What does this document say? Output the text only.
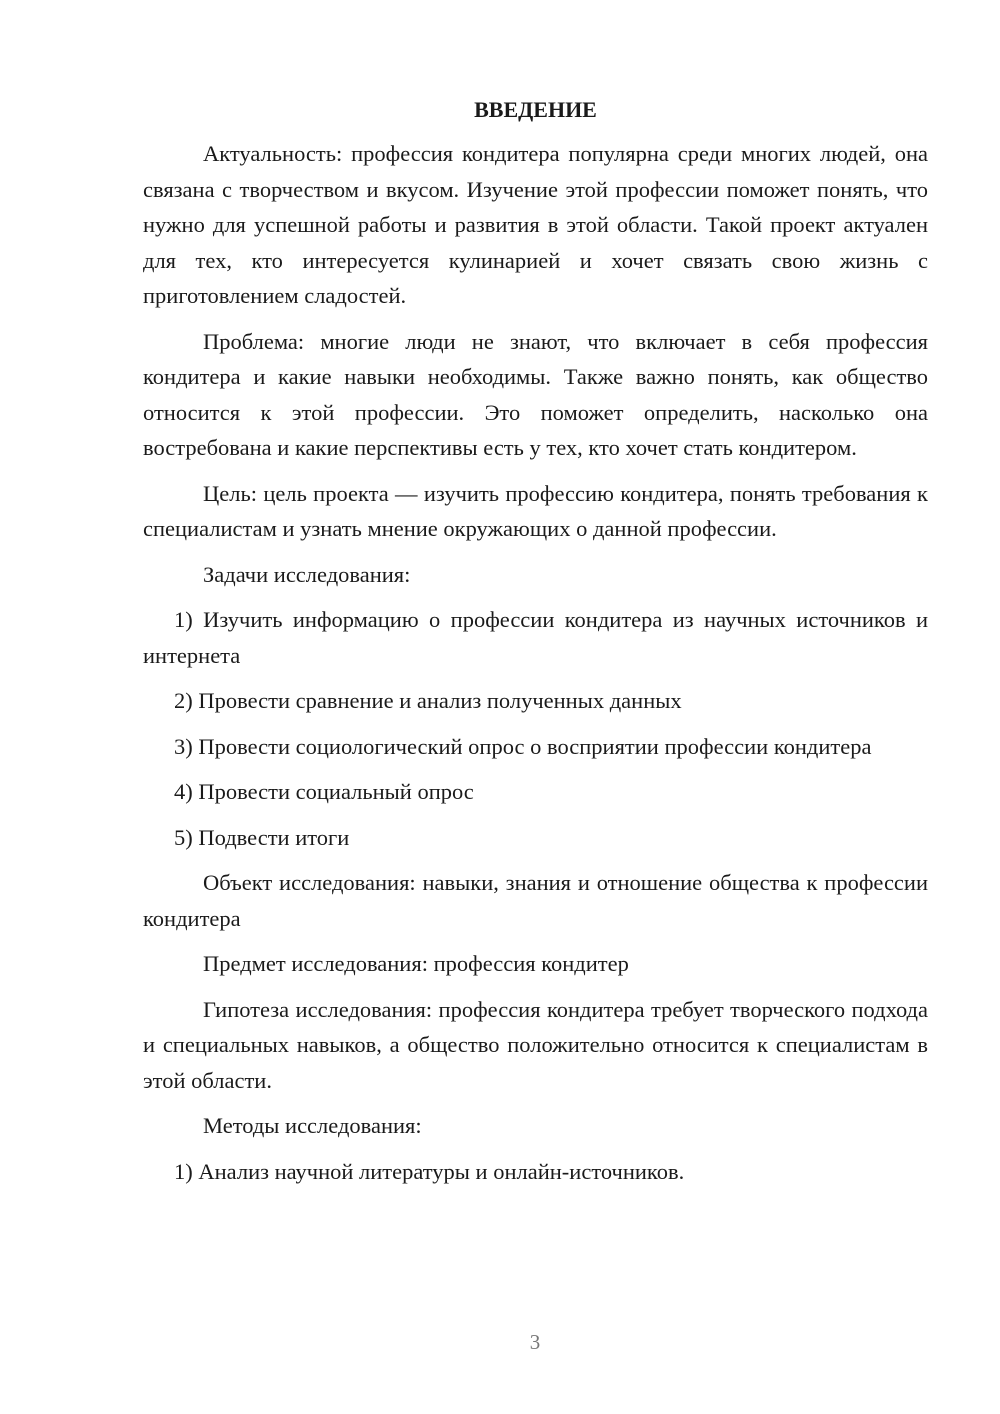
ВВЕДЕНИЕ

Актуальность: профессия кондитера популярна среди многих людей, она связана с творчеством и вкусом. Изучение этой профессии поможет понять, что нужно для успешной работы и развития в этой области. Такой проект актуален для тех, кто интересуется кулинарией и хочет связать свою жизнь с приготовлением сладостей.

Проблема: многие люди не знают, что включает в себя профессия кондитера и какие навыки необходимы. Также важно понять, как общество относится к этой профессии. Это поможет определить, насколько она востребована и какие перспективы есть у тех, кто хочет стать кондитером.

Цель: цель проекта — изучить профессию кондитера, понять требования к специалистам и узнать мнение окружающих о данной профессии.

Задачи исследования:

1) Изучить информацию о профессии кондитера из научных источников и интернета

2) Провести сравнение и анализ полученных данных

3) Провести социологический опрос о восприятии профессии кондитера

4) Провести социальный опрос

5) Подвести итоги

Объект исследования: навыки, знания и отношение общества к профессии кондитера

Предмет исследования: профессия кондитер

Гипотеза исследования: профессия кондитера требует творческого подхода и специальных навыков, а общество положительно относится к специалистам в этой области.

Методы исследования:

1) Анализ научной литературы и онлайн-источников.

3
